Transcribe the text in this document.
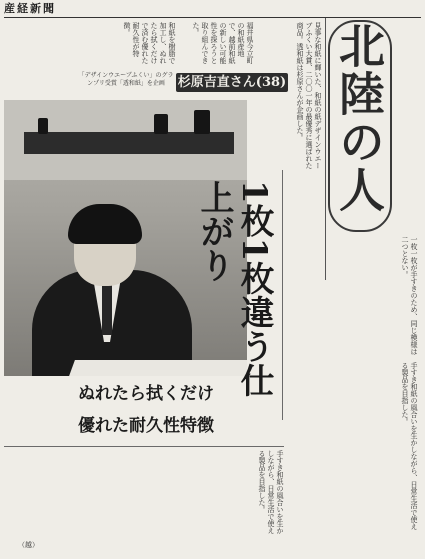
産経新聞
北陸の人
見事な和紙に輝いた、和紙の紙デザインウエーブふくい大賞、二〇〇一年の最優秀に選ばれた商品。透和紙は杉原さんが企画した。
福井県今立町の和紙産地で、越前和紙の新しい可能性を探ろうと取り組んできた。
和紙を樹脂で加工し、ぬれたら拭くだけで済む優れた耐久性が特徴。
「デザインウエーブふくい」のグランプリ受賞「透和紙」を企画 杉原吉直さん(38)
1枚1枚違う仕上がり
一枚一枚が手すきのため、同じ模様は二つとない。
手すき和紙の風合いを生かしながら、日常生活で使える製品を目指した。
ぬれたら拭くだけ
優れた耐久性特徴
手すき和紙の風合いを生かしながら、日常生活で使える製品を目指した。
（越）
